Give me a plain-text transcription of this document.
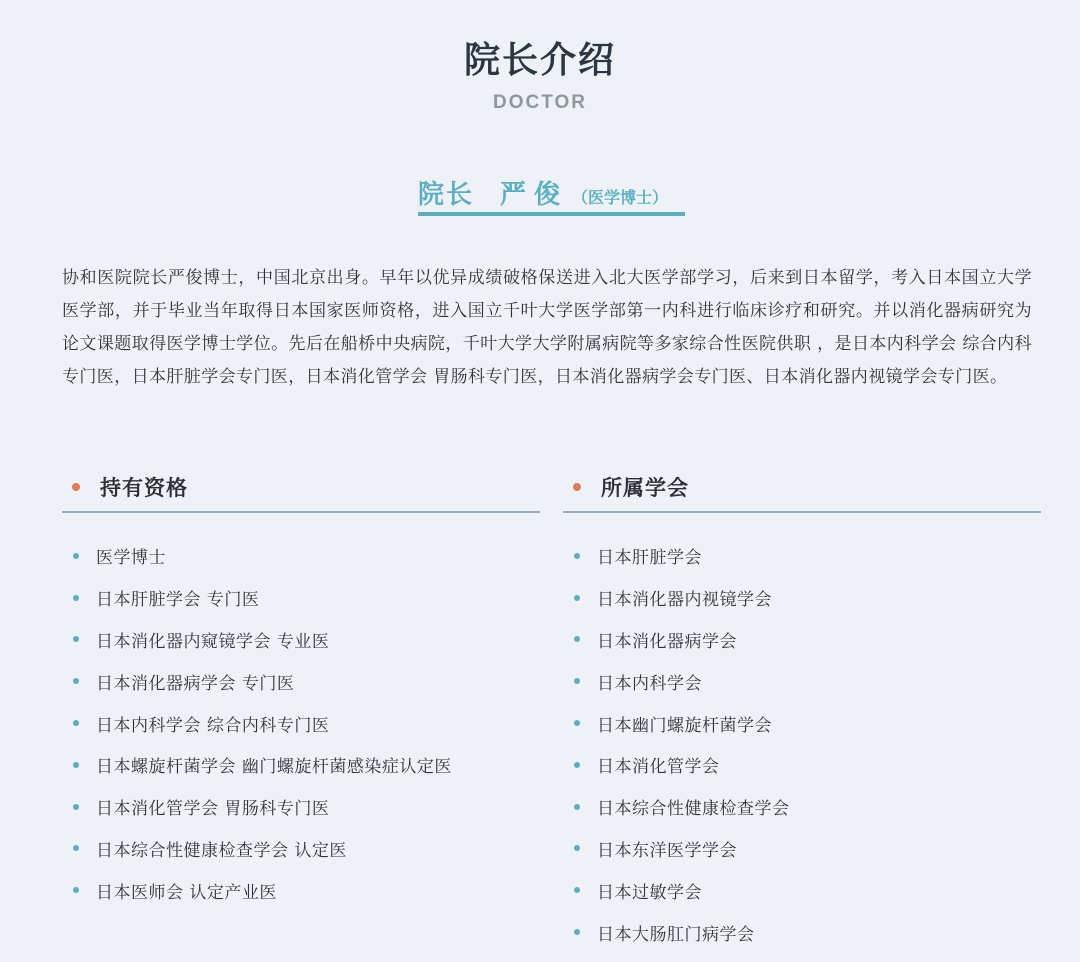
院长介绍
DOCTOR
院长 严俊 （医学博士）

协和医院院长严俊博士，中国北京出身。早年以优异成绩破格保送进入北大医学部学习，后来到日本留学，考入日本国立大学医学部，并于毕业当年取得日本国家医师资格，进入国立千叶大学医学部第一内科进行临床诊疗和研究。并以消化器病研究为论文课题取得医学博士学位。先后在船桥中央病院，千叶大学大学附属病院等多家综合性医院供职 ，是日本内科学会 综合内科专门医，日本肝脏学会专门医，日本消化管学会 胃肠科专门医，日本消化器病学会专门医、日本消化器内视镜学会专门医。

持有资格
医学博士
日本肝脏学会 专门医
日本消化器内窥镜学会 专业医
日本消化器病学会 专门医
日本内科学会 综合内科专门医
日本螺旋杆菌学会 幽门螺旋杆菌感染症认定医
日本消化管学会 胃肠科专门医
日本综合性健康检查学会 认定医
日本医师会 认定产业医
所属学会
日本肝脏学会
日本消化器内视镜学会
日本消化器病学会
日本内科学会
日本幽门螺旋杆菌学会
日本消化管学会
日本综合性健康检查学会
日本东洋医学学会
日本过敏学会
日本大肠肛门病学会
